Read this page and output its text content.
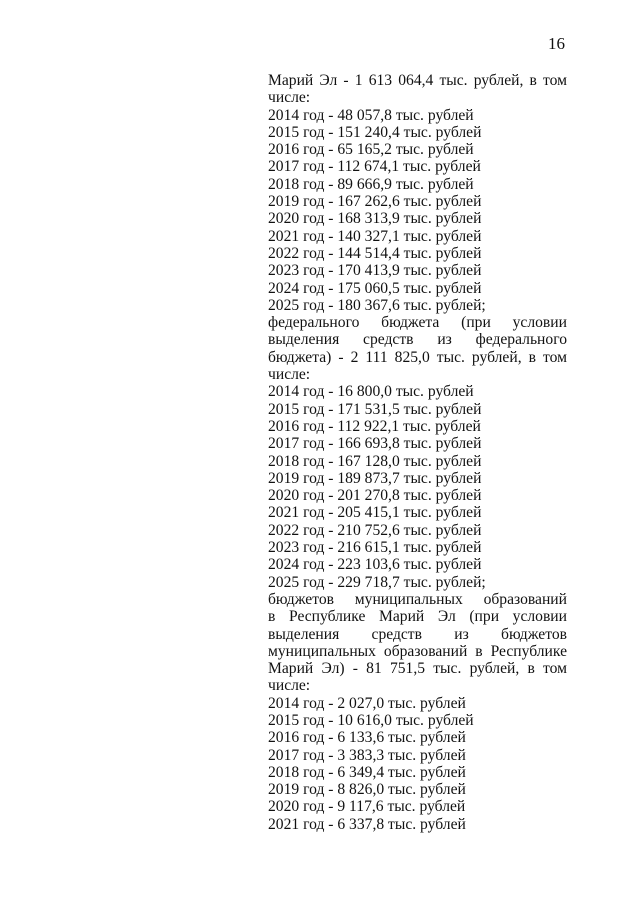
16
Марий Эл - 1 613 064,4 тыс. рублей, в том
числе:
2014 год - 48 057,8 тыс. рублей
2015 год - 151 240,4 тыс. рублей
2016 год - 65 165,2 тыс. рублей
2017 год - 112 674,1 тыс. рублей
2018 год - 89 666,9 тыс. рублей
2019 год - 167 262,6 тыс. рублей
2020 год - 168 313,9 тыс. рублей
2021 год - 140 327,1 тыс. рублей
2022 год - 144 514,4 тыс. рублей
2023 год - 170 413,9 тыс. рублей
2024 год - 175 060,5 тыс. рублей
2025 год - 180 367,6 тыс. рублей;
федерального бюджета (при условии
выделения средств из федерального
бюджета) - 2 111 825,0 тыс. рублей, в том
числе:
2014 год - 16 800,0 тыс. рублей
2015 год - 171 531,5 тыс. рублей
2016 год - 112 922,1 тыс. рублей
2017 год - 166 693,8 тыс. рублей
2018 год - 167 128,0 тыс. рублей
2019 год - 189 873,7 тыс. рублей
2020 год - 201 270,8 тыс. рублей
2021 год - 205 415,1 тыс. рублей
2022 год - 210 752,6 тыс. рублей
2023 год - 216 615,1 тыс. рублей
2024 год - 223 103,6 тыс. рублей
2025 год - 229 718,7 тыс. рублей;
бюджетов муниципальных образований
в Республике Марий Эл (при условии
выделения средств из бюджетов
муниципальных образований в Республике
Марий Эл) - 81 751,5 тыс. рублей, в том
числе:
2014 год - 2 027,0 тыс. рублей
2015 год - 10 616,0 тыс. рублей
2016 год - 6 133,6 тыс. рублей
2017 год - 3 383,3 тыс. рублей
2018 год - 6 349,4 тыс. рублей
2019 год - 8 826,0 тыс. рублей
2020 год - 9 117,6 тыс. рублей
2021 год - 6 337,8 тыс. рублей
